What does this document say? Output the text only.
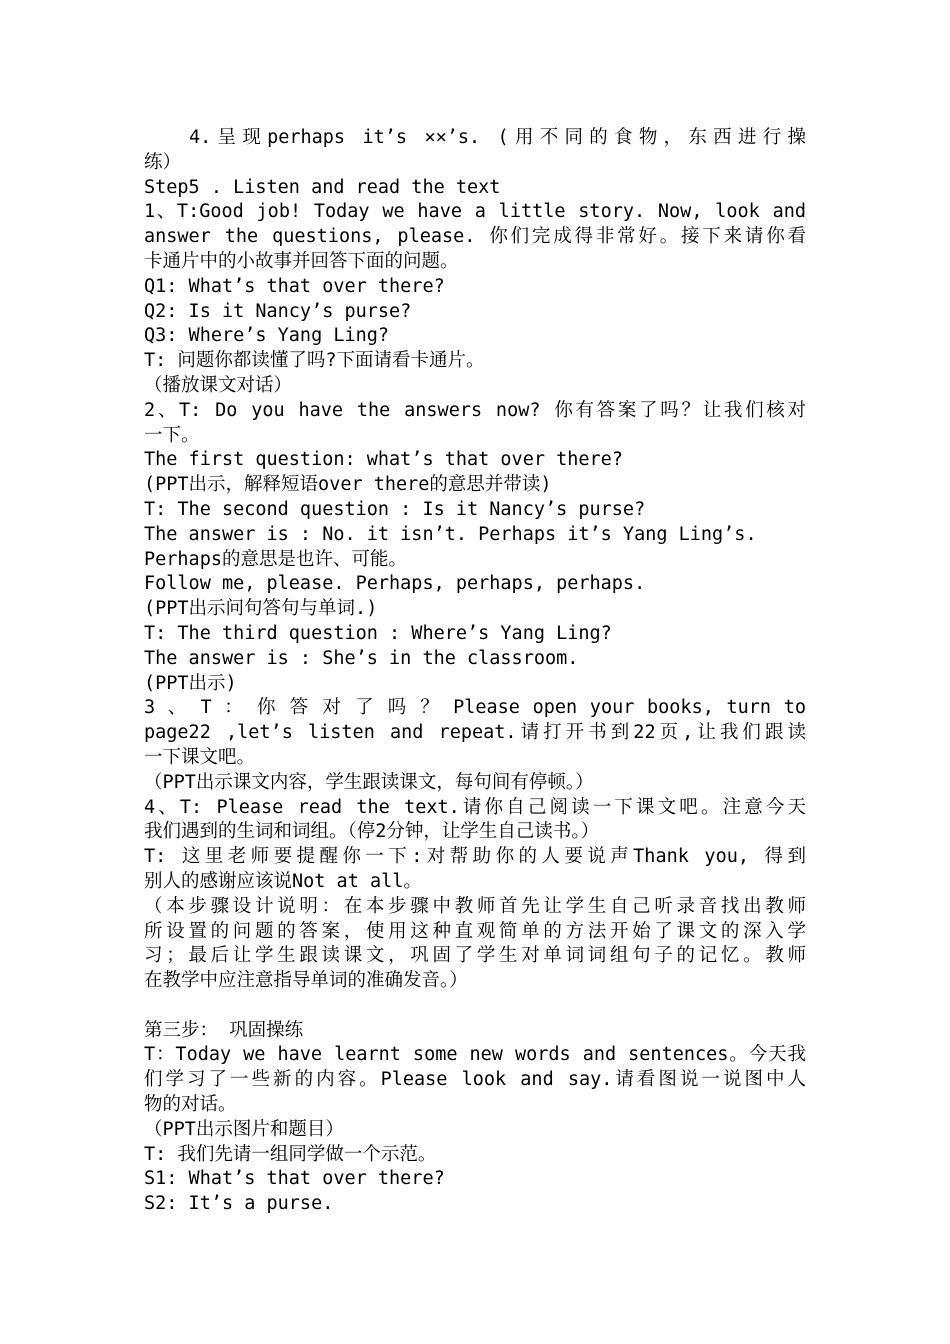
4.呈现perhaps it’s ××’s. (用不同的食物，东西进行操
练）
Step5 . Listen and read the text
1、T:Good job! Today we have a little story. Now, look and
answer the questions, please. 你们完成得非常好。接下来请你看
卡通片中的小故事并回答下面的问题。
Q1: What’s that over there?
Q2: Is it Nancy’s purse?
Q3: Where’s Yang Ling?
T: 问题你都读懂了吗?下面请看卡通片。
（播放课文对话）
2、T: Do you have the answers now? 你有答案了吗？让我们核对
一下。
The first question: what’s that over there?
(PPT出示，解释短语over there的意思并带读)
T: The second question : Is it Nancy’s purse?
The answer is : No. it isn’t. Perhaps it’s Yang Ling’s.
Perhaps的意思是也许、可能。
Follow me, please. Perhaps, perhaps, perhaps.
(PPT出示问句答句与单词.)
T: The third question : Where’s Yang Ling?
The answer is : She’s in the classroom.
(PPT出示)
3 、 T ： 你 答 对 了 吗 ？ Please open your books, turn to
page22 ,let’s listen and repeat.请打开书到22页,让我们跟读
一下课文吧。
（PPT出示课文内容，学生跟读课文，每句间有停顿。）
4、T: Please read the text.请你自己阅读一下课文吧。注意今天
我们遇到的生词和词组。（停2分钟，让学生自己读书。）
T: 这里老师要提醒你一下:对帮助你的人要说声Thank you, 得到
别人的感谢应该说Not at all。
（本步骤设计说明：在本步骤中教师首先让学生自己听录音找出教师
所设置的问题的答案，使用这种直观简单的方法开始了课文的深入学
习；最后让学生跟读课文，巩固了学生对单词词组句子的记忆。教师
在教学中应注意指导单词的准确发音。）
第三步： 巩固操练
T：Today we have learnt some new words and sentences。今天我
们学习了一些新的内容。Please look and say.请看图说一说图中人
物的对话。
（PPT出示图片和题目）
T: 我们先请一组同学做一个示范。
S1: What’s that over there?
S2: It’s a purse.
